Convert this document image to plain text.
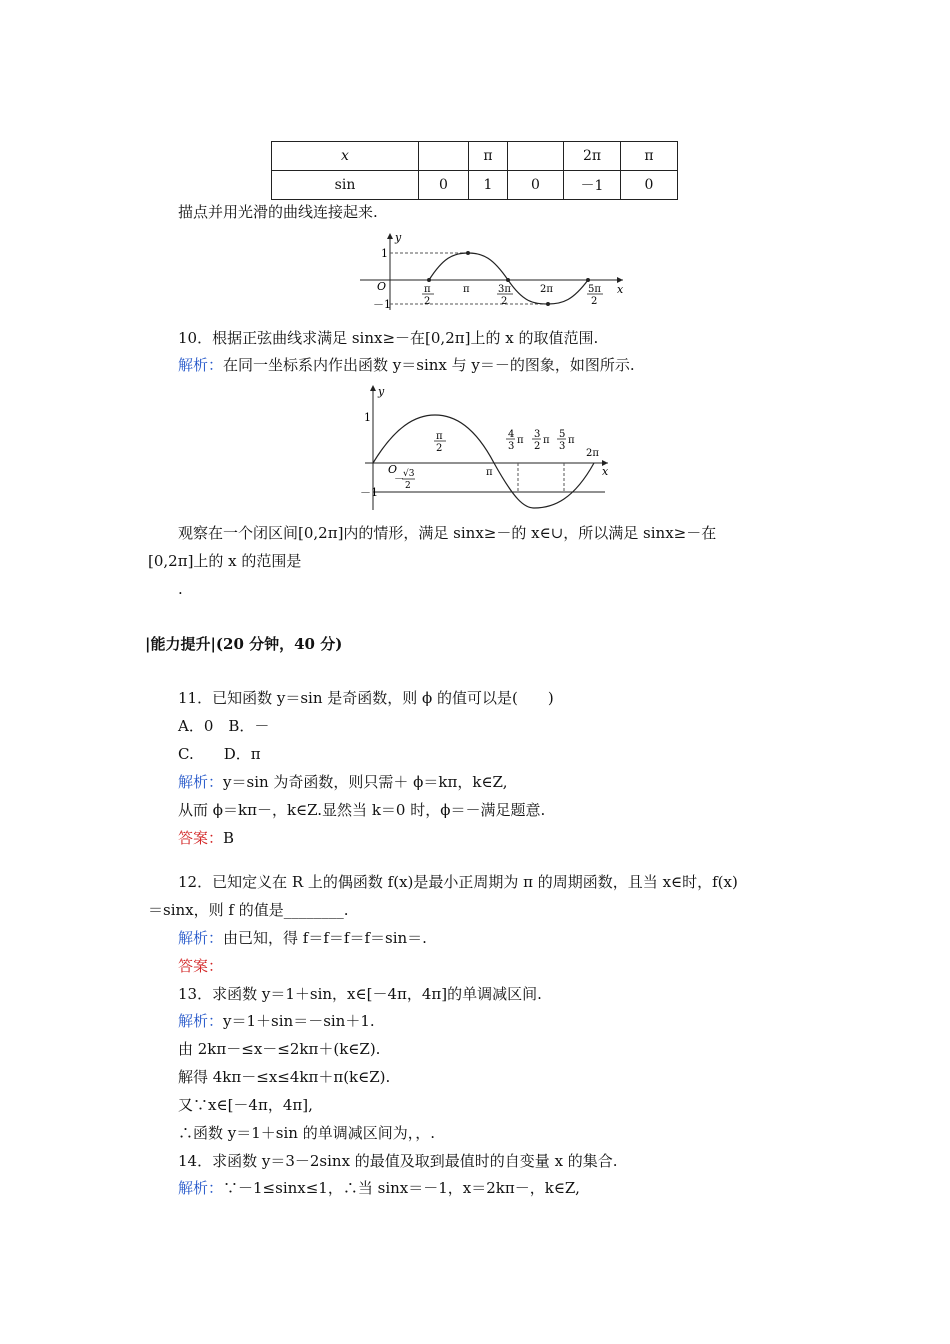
x		π		2π	π
sin	0	1	0	－1	0
描点并用光滑的曲线连接起来.
y
x
O
1
－1
π
2
π	3π
2
2π	5π
2
10．根据正弦曲线求满足 sinx≥－在[0,2π]上的 x 的取值范围.
解析：在同一坐标系内作出函数 y＝sinx 与 y＝－的图象，如图所示.
y
x
O
1
－1
π
2
π
2π
4
3
π
3
2
π
5
3
π
－ √3
2
观察在一个闭区间[0,2π]内的情形，满足 sinx≥－的 x∈∪，所以满足 sinx≥－在
[0,2π]上的 x 的范围是
.
|能力提升|(20 分钟，40 分)
11．已知函数 y＝sin 是奇函数，则 ϕ 的值可以是(　　)
A．0　B．－
C.　　D．π
解析：y＝sin 为奇函数，则只需＋ ϕ＝kπ，k∈Z,
从而 ϕ＝kπ－，k∈Z.显然当 k＝0 时，ϕ＝－满足题意.
答案：B
12．已知定义在 R 上的偶函数 f(x)是最小正周期为 π 的周期函数，且当 x∈时，f(x)
＝sinx，则 f 的值是________.
解析：由已知，得 f＝f＝f＝f＝sin＝.
答案：
13．求函数 y＝1＋sin，x∈[－4π，4π]的单调减区间.
解析：y＝1＋sin＝－sin＋1.
由 2kπ－≤x－≤2kπ＋(k∈Z).
解得 4kπ－≤x≤4kπ＋π(k∈Z).
又∵x∈[－4π，4π],
∴函数 y＝1＋sin 的单调减区间为，，.
14．求函数 y＝3－2sinx 的最值及取到最值时的自变量 x 的集合.
解析：∵－1≤sinx≤1，∴当 sinx＝－1，x＝2kπ－，k∈Z,
